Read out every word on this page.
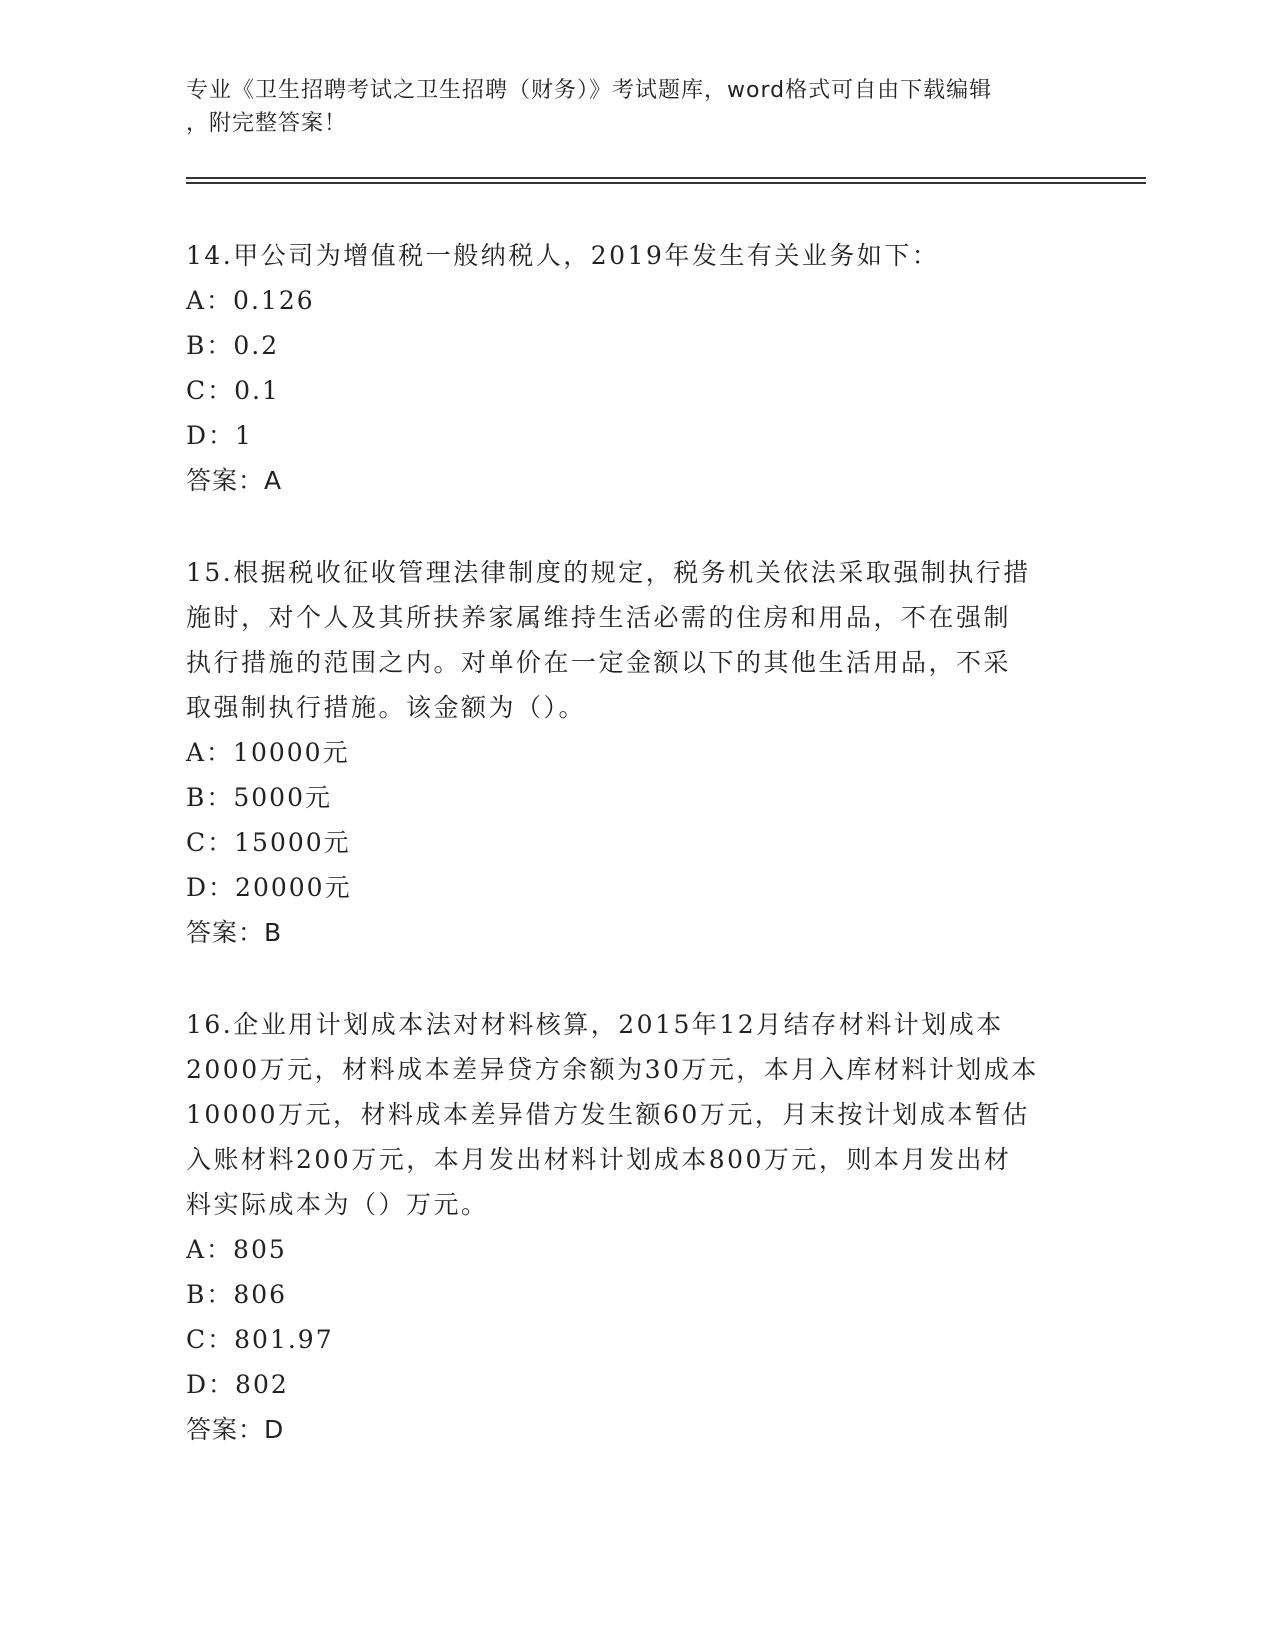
专业《卫生招聘考试之卫生招聘（财务）》考试题库，word格式可自由下载编辑
，附完整答案！

14.甲公司为增值税一般纳税人，2019年发生有关业务如下：

A：0.126

B：0.2

C：0.1

D：1

答案：A

15.根据税收征收管理法律制度的规定，税务机关依法采取强制执行措

施时，对个人及其所扶养家属维持生活必需的住房和用品，不在强制

执行措施的范围之内。对单价在一定金额以下的其他生活用品，不采

取强制执行措施。该金额为（）。

A：10000元

B：5000元

C：15000元

D：20000元

答案：B

16.企业用计划成本法对材料核算，2015年12月结存材料计划成本

2000万元，材料成本差异贷方余额为30万元，本月入库材料计划成本

10000万元，材料成本差异借方发生额60万元，月末按计划成本暂估

入账材料200万元，本月发出材料计划成本800万元，则本月发出材

料实际成本为（）万元。

A：805

B：806

C：801.97

D：802

答案：D
